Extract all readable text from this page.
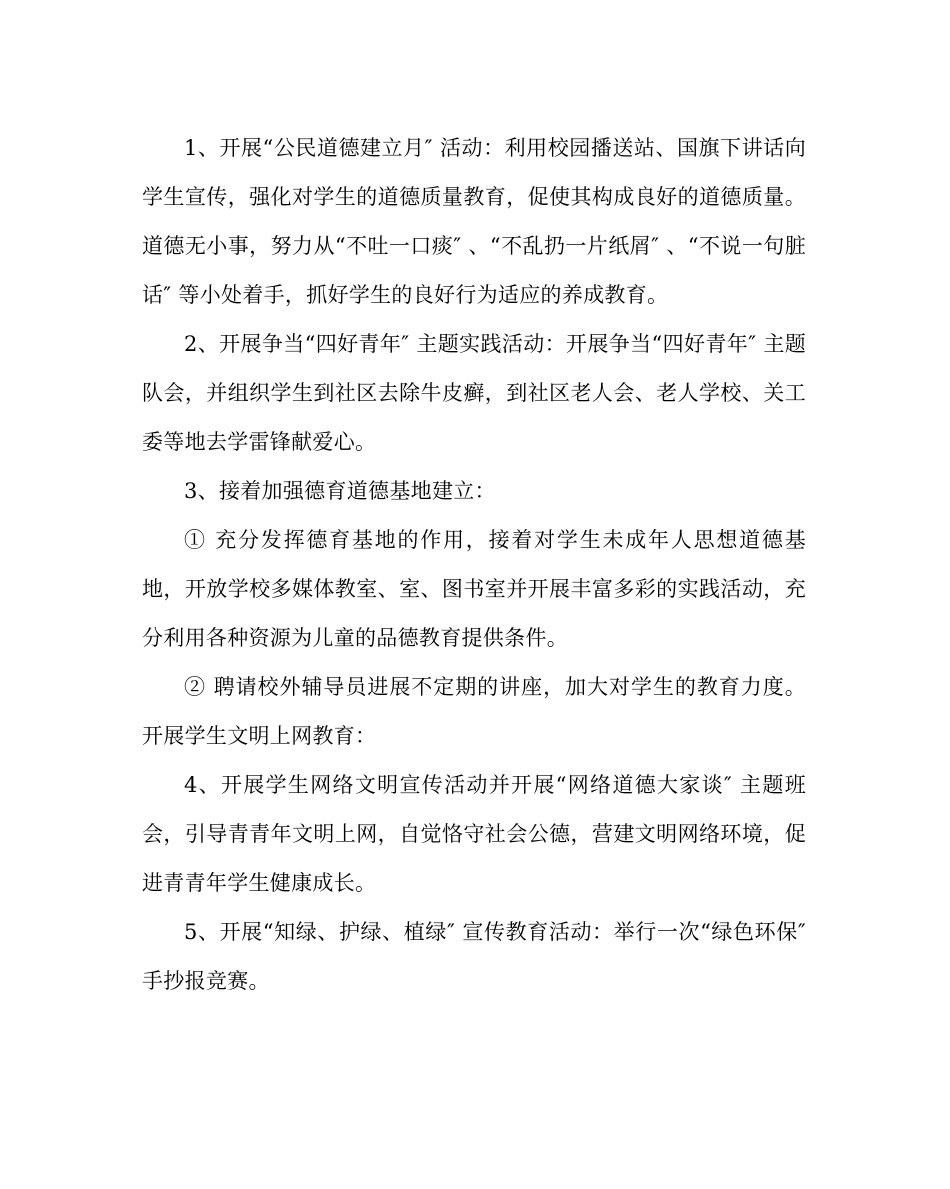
1、开展“公民道德建立月″ 活动：利用校园播送站、国旗下讲话向学生宣传，强化对学生的道德质量教育，促使其构成良好的道德质量。道德无小事，努力从“不吐一口痰″ 、“不乱扔一片纸屑″ 、“不说一句脏话″ 等小处着手，抓好学生的良好行为适应的养成教育。

2、开展争当“四好青年″ 主题实践活动：开展争当“四好青年″ 主题队会，并组织学生到社区去除牛皮癣，到社区老人会、老人学校、关工委等地去学雷锋献爱心。

3、接着加强德育道德基地建立：

① 充分发挥德育基地的作用，接着对学生未成年人思想道德基地，开放学校多媒体教室、室、图书室并开展丰富多彩的实践活动，充分利用各种资源为儿童的品德教育提供条件。

② 聘请校外辅导员进展不定期的讲座，加大对学生的教育力度。开展学生文明上网教育：

4、开展学生网络文明宣传活动并开展“网络道德大家谈″ 主题班会，引导青青年文明上网，自觉恪守社会公德，营建文明网络环境，促进青青年学生健康成长。

5、开展“知绿、护绿、植绿″ 宣传教育活动：举行一次“绿色环保″ 手抄报竞赛。
